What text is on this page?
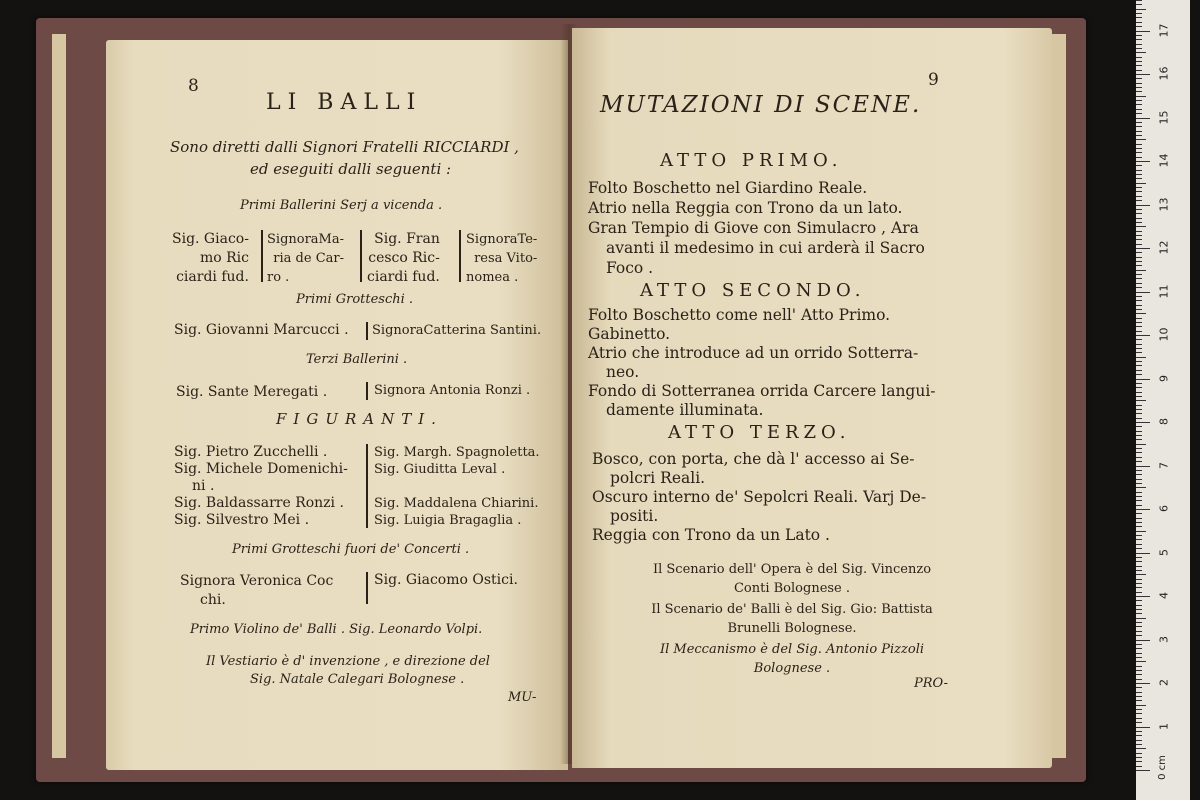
8
LI BALLI
Sono diretti dalli Signori Fratelli RICCIARDI ,
ed eseguiti dalli seguenti :
Primi Ballerini Serj a vicenda .
Sig. Giaco-
mo Ric
ciardi fud.
SignoraMa-
ria de Car-
ro .
Sig. Fran
cesco Ric-
ciardi fud.
SignoraTe-
resa Vito-
nomea .
Primi Grotteschi .
Sig. Giovanni Marcucci . SignoraCatterina Santini.
Terzi Ballerini .
Sig. Sante Meregati .	Signora Antonia Ronzi .
FIGURANTI.
Sig. Pietro Zucchelli .
Sig. Michele Domenichi-
ni .
Sig. Baldassarre Ronzi .
Sig. Silvestro Mei .
Sig. Margh. Spagnoletta.
Sig. Giuditta Leval .
Sig. Maddalena Chiarini.
Sig. Luigia Bragaglia .
Primi Grotteschi fuori de' Concerti .
Signora Veronica Coc
chi.
Sig. Giacomo Ostici.
Primo Violino de' Balli . Sig. Leonardo Volpi.
Il Vestiario è d' invenzione , e direzione del
Sig. Natale Calegari Bolognese .
MU-
9
MUTAZIONI DI SCENE.
ATTO PRIMO.
Folto Boschetto nel Giardino Reale.
Atrio nella Reggia con Trono da un lato.
Gran Tempio di Giove con Simulacro , Ara
avanti il medesimo in cui arderà il Sacro
Foco .
ATTO SECONDO.
Folto Boschetto come nell' Atto Primo.
Gabinetto.
Atrio che introduce ad un orrido Sotterra-
neo.
Fondo di Sotterranea orrida Carcere langui-
damente illuminata.
ATTO TERZO.
Bosco, con porta, che dà l' accesso ai Se-
polcri Reali.
Oscuro interno de' Sepolcri Reali. Varj De-
positi.
Reggia con Trono da un Lato .
Il Scenario dell' Opera è del Sig. Vincenzo
Conti Bolognese .
Il Scenario de' Balli è del Sig. Gio: Battista
Brunelli Bolognese.
Il Meccanismo è del Sig. Antonio Pizzoli
Bolognese .
PRO-
0 cm
1
2
3
4
5
6
7
8
9
10
11
12
13
14
15
16
17
